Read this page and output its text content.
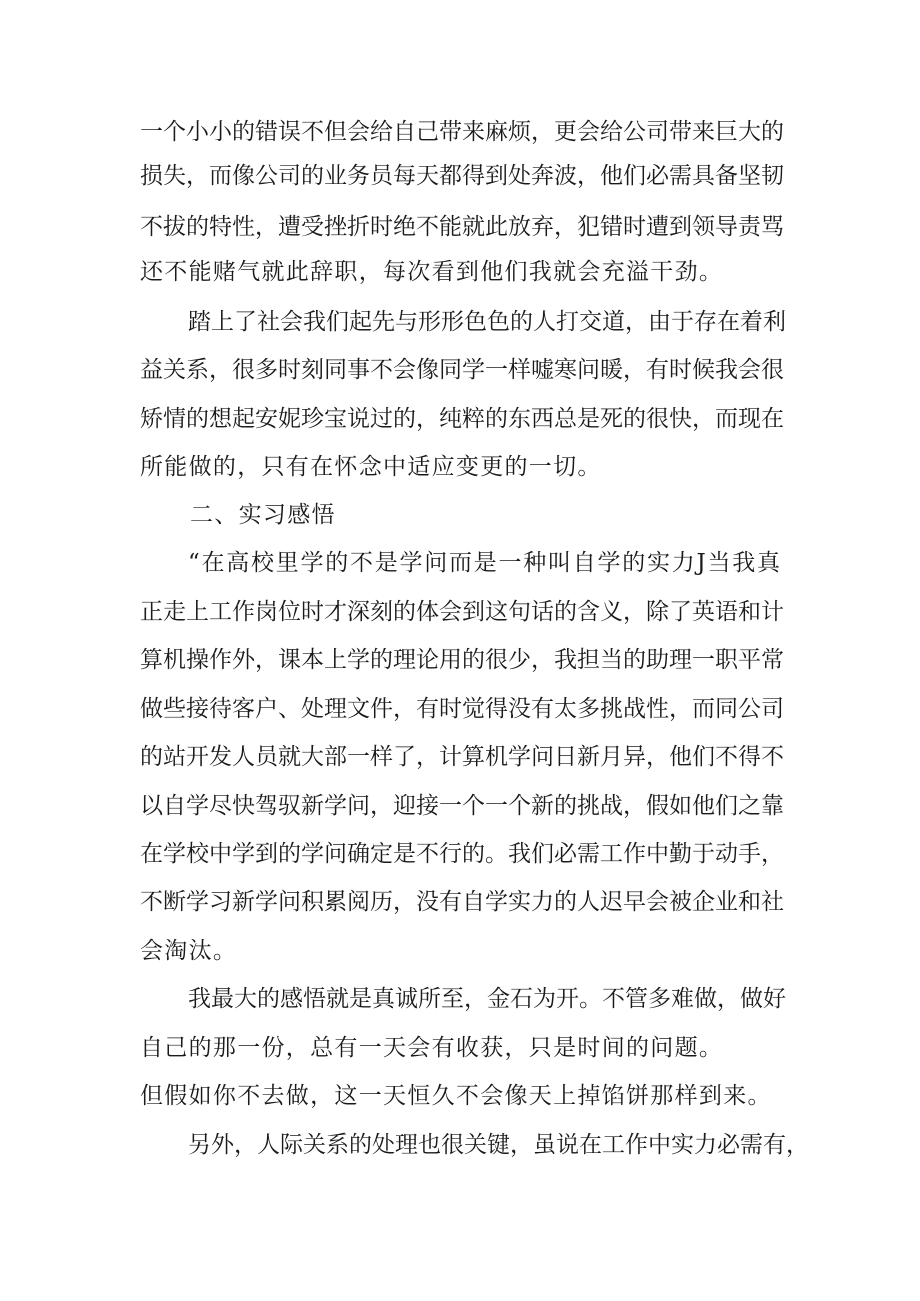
一个小小的错误不但会给自己带来麻烦，更会给公司带来巨大的
损失，而像公司的业务员每天都得到处奔波，他们必需具备坚韧
不拔的特性，遭受挫折时绝不能就此放弃，犯错时遭到领导责骂
还不能赌气就此辞职，每次看到他们我就会充溢干劲。
踏上了社会我们起先与形形色色的人打交道，由于存在着利
益关系，很多时刻同事不会像同学一样嘘寒问暖，有时候我会很
矫情的想起安妮珍宝说过的，纯粹的东西总是死的很快，而现在
所能做的，只有在怀念中适应变更的一切。
二、实习感悟
“在高校里学的不是学问而是一种叫自学的实力J当我真
正走上工作岗位时才深刻的体会到这句话的含义，除了英语和计
算机操作外，课本上学的理论用的很少，我担当的助理一职平常
做些接待客户、处理文件，有时觉得没有太多挑战性，而同公司
的站开发人员就大部一样了，计算机学问日新月异，他们不得不
以自学尽快驾驭新学问，迎接一个一个新的挑战，假如他们之靠
在学校中学到的学问确定是不行的。我们必需工作中勤于动手，
不断学习新学问积累阅历，没有自学实力的人迟早会被企业和社
会淘汰。
我最大的感悟就是真诚所至，金石为开。不管多难做，做好
自己的那一份，总有一天会有收获，只是时间的问题。
但假如你不去做，这一天恒久不会像天上掉馅饼那样到来。
另外，人际关系的处理也很关键，虽说在工作中实力必需有，
